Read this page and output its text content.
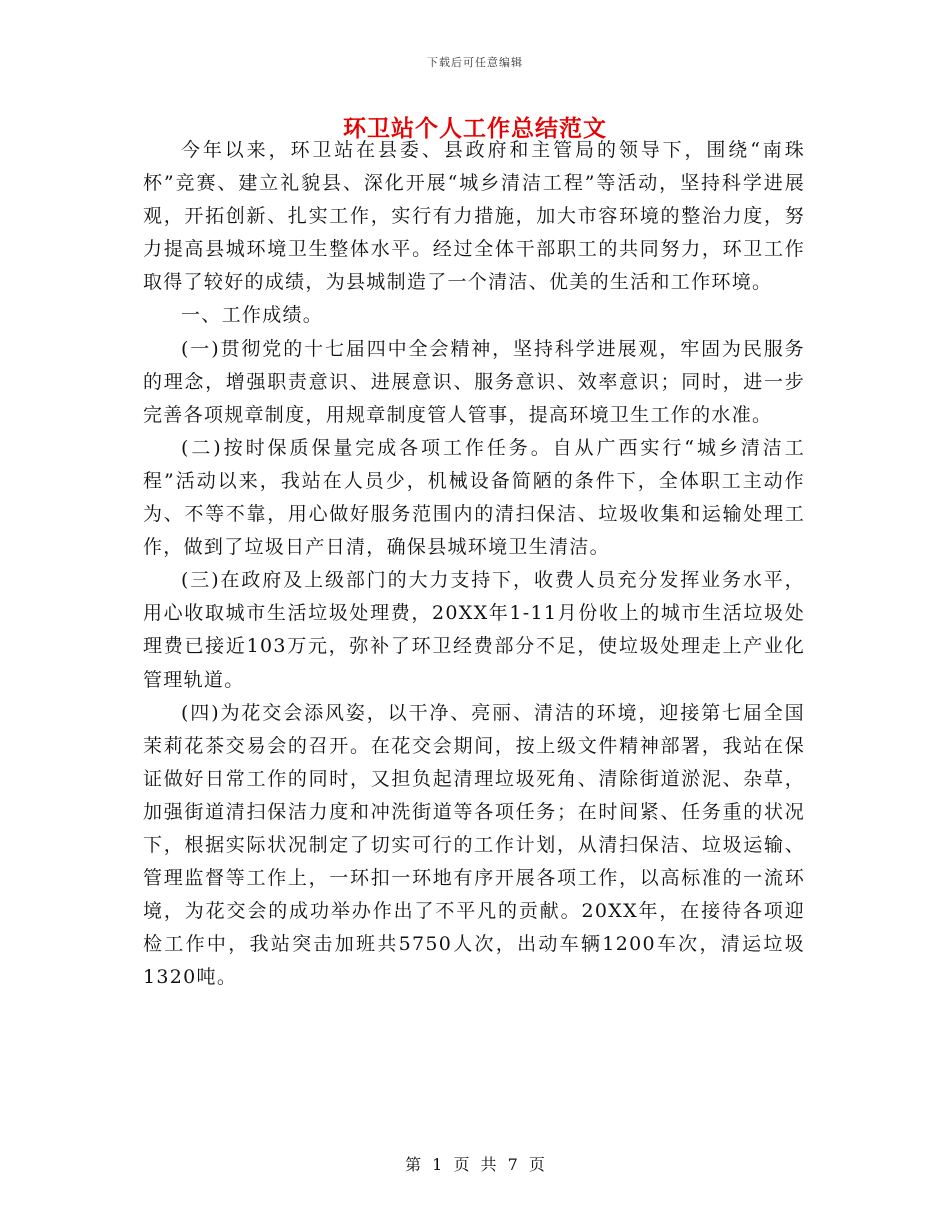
下载后可任意编辑
环卫站个人工作总结范文

今年以来，环卫站在县委、县政府和主管局的领导下，围绕“南珠杯”竞赛、建立礼貌县、深化开展“城乡清洁工程”等活动，坚持科学进展观，开拓创新、扎实工作，实行有力措施，加大市容环境的整治力度，努力提高县城环境卫生整体水平。经过全体干部职工的共同努力，环卫工作取得了较好的成绩，为县城制造了一个清洁、优美的生活和工作环境。

一、工作成绩。

(一)贯彻党的十七届四中全会精神，坚持科学进展观，牢固为民服务的理念，增强职责意识、进展意识、服务意识、效率意识；同时，进一步完善各项规章制度，用规章制度管人管事，提高环境卫生工作的水准。

(二)按时保质保量完成各项工作任务。自从广西实行“城乡清洁工程”活动以来，我站在人员少，机械设备简陋的条件下，全体职工主动作为、不等不靠，用心做好服务范围内的清扫保洁、垃圾收集和运输处理工作，做到了垃圾日产日清，确保县城环境卫生清洁。

(三)在政府及上级部门的大力支持下，收费人员充分发挥业务水平，用心收取城市生活垃圾处理费，20XX年1-11月份收上的城市生活垃圾处理费已接近103万元，弥补了环卫经费部分不足，使垃圾处理走上产业化管理轨道。

(四)为花交会添风姿，以干净、亮丽、清洁的环境，迎接第七届全国茉莉花茶交易会的召开。在花交会期间，按上级文件精神部署，我站在保证做好日常工作的同时，又担负起清理垃圾死角、清除街道淤泥、杂草，加强街道清扫保洁力度和冲洗街道等各项任务；在时间紧、任务重的状况下，根据实际状况制定了切实可行的工作计划，从清扫保洁、垃圾运输、管理监督等工作上，一环扣一环地有序开展各项工作，以高标准的一流环境，为花交会的成功举办作出了不平凡的贡献。20XX年，在接待各项迎检工作中，我站突击加班共5750人次，出动车辆1200车次，清运垃圾1320吨。

第 1 页 共 7 页
